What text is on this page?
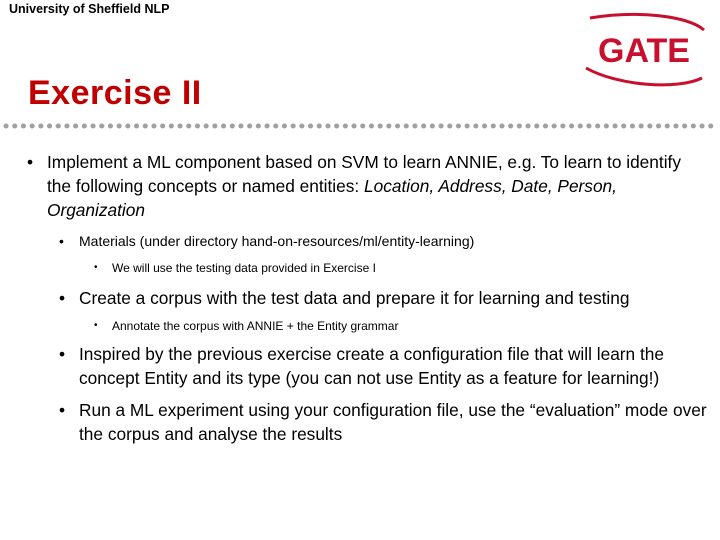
University of Sheffield NLP
GATE
Exercise II
• Implement a ML component based on SVM to learn ANNIE, e.g. To learn to identify the following concepts or named entities: Location, Address, Date, Person, Organization
• Materials (under directory hand-on-resources/ml/entity-learning)
• We will use the testing data provided in Exercise I
• Create a corpus with the test data and prepare it for learning and testing
• Annotate the corpus with ANNIE + the Entity grammar
• Inspired by the previous exercise create a configuration file that will learn the concept Entity and its type (you can not use Entity as a feature for learning!)
• Run a ML experiment using your configuration file, use the “evaluation” mode over the corpus and analyse the results
